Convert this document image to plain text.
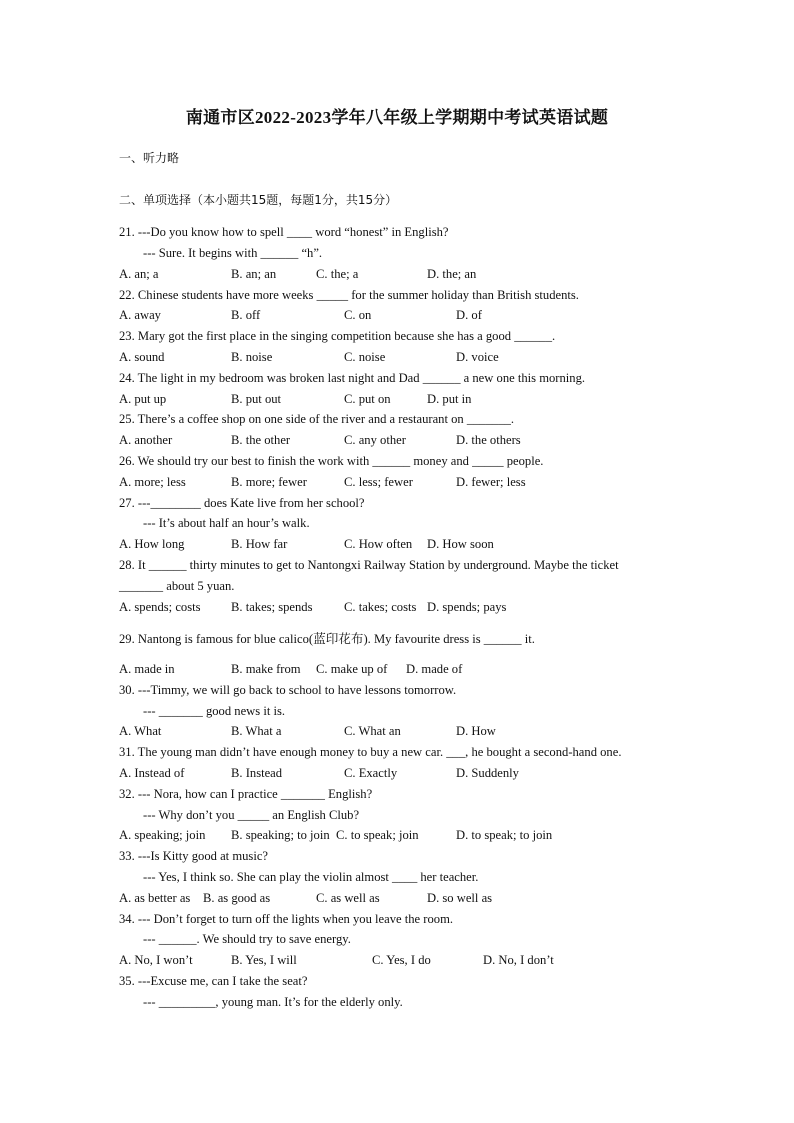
南通市区2022-2023学年八年级上学期期中考试英语试题
一、听力略
二、单项选择（本小题共15题，每题1分，共15分）
21. ---Do you know how to spell ____ word “honest” in English?
--- Sure. It begins with ______ “h”.
A. an; a	B. an; an	C. the; a	D. the; an
22. Chinese students have more weeks _____ for the summer holiday than British students.
A. away	B. off	C. on	D. of
23. Mary got the first place in the singing competition because she has a good ______.
A. sound	B. noise	C. noise	D. voice
24. The light in my bedroom was broken last night and Dad ______ a new one this morning.
A. put up	B. put out	C. put on	D. put in
25. There’s a coffee shop on one side of the river and a restaurant on _______.
A. another	B. the other	C. any other	D. the others
26. We should try our best to finish the work with ______ money and _____ people.
A. more; less	B. more; fewer	C. less; fewer	D. fewer; less
27. ---________ does Kate live from her school?
--- It’s about half an hour’s walk.
A. How long	B. How far	C. How often D. How soon
28. It ______ thirty minutes to get to Nantongxi Railway Station by underground. Maybe the ticket
_______ about 5 yuan.
A. spends; costs B. takes; spends C. takes; costs D. spends; pays
29. Nantong is famous for blue calico(蓝印花布). My favourite dress is ______ it.
A. made in	B. make from C. make up of D. made of
30. ---Timmy, we will go back to school to have lessons tomorrow.
--- _______ good news it is.
A. What	B. What a	C. What an	D. How
31. The young man didn’t have enough money to buy a new car. ___, he bought a second-hand one.
A. Instead of	B. Instead	C. Exactly	D. Suddenly
32. --- Nora, how can I practice _______ English?
--- Why don’t you _____ an English Club?
A. speaking; join B. speaking; to join C. to speak; join	D. to speak; to join
33. ---Is Kitty good at music?
--- Yes, I think so. She can play the violin almost ____ her teacher.
A. as better as B. as good as	C. as well as	D. so well as
34. --- Don’t forget to turn off the lights when you leave the room.
--- ______. We should try to save energy.
A. No, I won’t	B. Yes, I will	C. Yes, I do	D. No, I don’t
35. ---Excuse me, can I take the seat?
--- _________, young man. It’s for the elderly only.
